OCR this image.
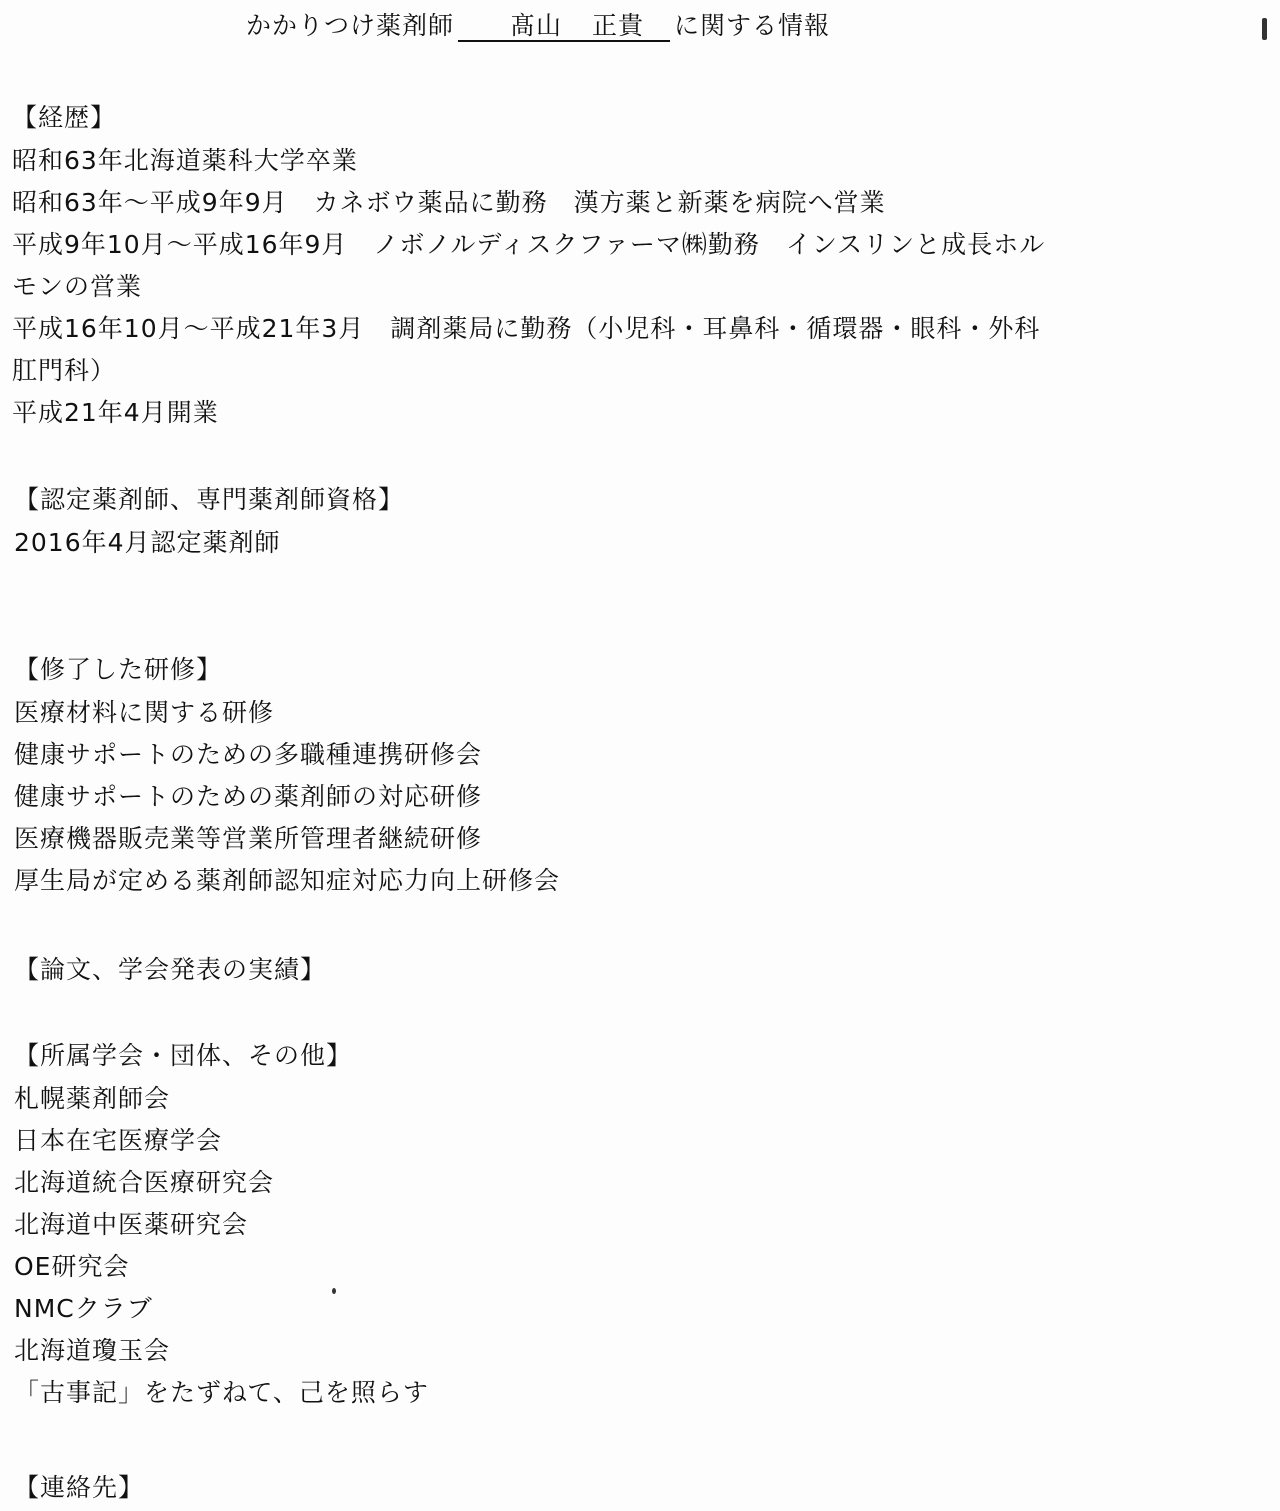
かかりつけ薬剤師 髙山 正貴 に関する情報
【経歴】
昭和63年北海道薬科大学卒業
昭和63年～平成9年9月　カネボウ薬品に勤務　漢方薬と新薬を病院へ営業
平成9年10月～平成16年9月　ノボノルディスクファーマ㈱勤務　インスリンと成長ホルモンの営業
平成16年10月～平成21年3月　調剤薬局に勤務（小児科・耳鼻科・循環器・眼科・外科肛門科）
平成21年4月開業
【認定薬剤師、専門薬剤師資格】
2016年4月認定薬剤師
【修了した研修】
医療材料に関する研修
健康サポートのための多職種連携研修会
健康サポートのための薬剤師の対応研修
医療機器販売業等営業所管理者継続研修
厚生局が定める薬剤師認知症対応力向上研修会
【論文、学会発表の実績】
【所属学会・団体、その他】
札幌薬剤師会
日本在宅医療学会
北海道統合医療研究会
北海道中医薬研究会
OE研究会
NMCクラブ
北海道瓊玉会
「古事記」をたずねて、己を照らす
【連絡先】
